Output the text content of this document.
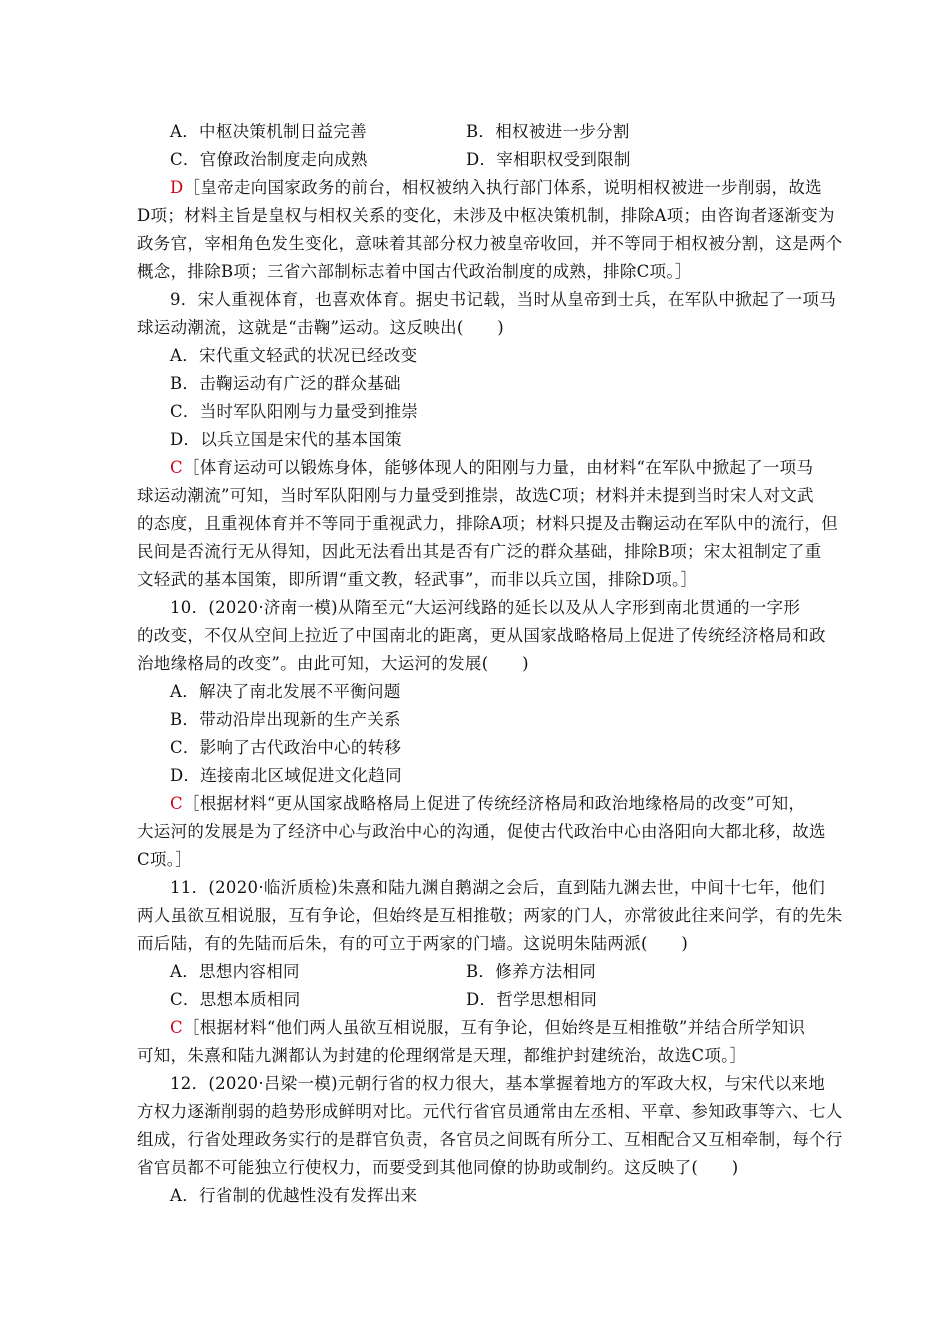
A．中枢决策机制日益完善	B．相权被进一步分割
C．官僚政治制度走向成熟	D．宰相职权受到限制
D［皇帝走向国家政务的前台，相权被纳入执行部门体系，说明相权被进一步削弱，故选
D项；材料主旨是皇权与相权关系的变化，未涉及中枢决策机制，排除A项；由咨询者逐渐变为
政务官，宰相角色发生变化，意味着其部分权力被皇帝收回，并不等同于相权被分割，这是两个
概念，排除B项；三省六部制标志着中国古代政治制度的成熟，排除C项。］
9．宋人重视体育，也喜欢体育。据史书记载，当时从皇帝到士兵，在军队中掀起了一项马
球运动潮流，这就是“击鞠”运动。这反映出(　　)
A．宋代重文轻武的状况已经改变
B．击鞠运动有广泛的群众基础
C．当时军队阳刚与力量受到推崇
D．以兵立国是宋代的基本国策
C［体育运动可以锻炼身体，能够体现人的阳刚与力量，由材料“在军队中掀起了一项马
球运动潮流”可知，当时军队阳刚与力量受到推崇，故选C项；材料并未提到当时宋人对文武
的态度，且重视体育并不等同于重视武力，排除A项；材料只提及击鞠运动在军队中的流行，但
民间是否流行无从得知，因此无法看出其是否有广泛的群众基础，排除B项；宋太祖制定了重
文轻武的基本国策，即所谓“重文教，轻武事”，而非以兵立国，排除D项。］
10．(2020·济南一模)从隋至元“大运河线路的延长以及从人字形到南北贯通的一字形
的改变，不仅从空间上拉近了中国南北的距离，更从国家战略格局上促进了传统经济格局和政
治地缘格局的改变”。由此可知，大运河的发展(　　)
A．解决了南北发展不平衡问题
B．带动沿岸出现新的生产关系
C．影响了古代政治中心的转移
D．连接南北区域促进文化趋同
C［根据材料“更从国家战略格局上促进了传统经济格局和政治地缘格局的改变”可知，
大运河的发展是为了经济中心与政治中心的沟通，促使古代政治中心由洛阳向大都北移，故选
C项。］
11．(2020·临沂质检)朱熹和陆九渊自鹅湖之会后，直到陆九渊去世，中间十七年，他们
两人虽欲互相说服，互有争论，但始终是互相推敬；两家的门人，亦常彼此往来问学，有的先朱
而后陆，有的先陆而后朱，有的可立于两家的门墙。这说明朱陆两派(　　)
A．思想内容相同	B．修养方法相同
C．思想本质相同	D．哲学思想相同
C［根据材料“他们两人虽欲互相说服，互有争论，但始终是互相推敬”并结合所学知识
可知，朱熹和陆九渊都认为封建的伦理纲常是天理，都维护封建统治，故选C项。］
12．(2020·吕梁一模)元朝行省的权力很大，基本掌握着地方的军政大权，与宋代以来地
方权力逐渐削弱的趋势形成鲜明对比。元代行省官员通常由左丞相、平章、参知政事等六、七人
组成，行省处理政务实行的是群官负责，各官员之间既有所分工、互相配合又互相牵制，每个行
省官员都不可能独立行使权力，而要受到其他同僚的协助或制约。这反映了(　　)
A．行省制的优越性没有发挥出来
